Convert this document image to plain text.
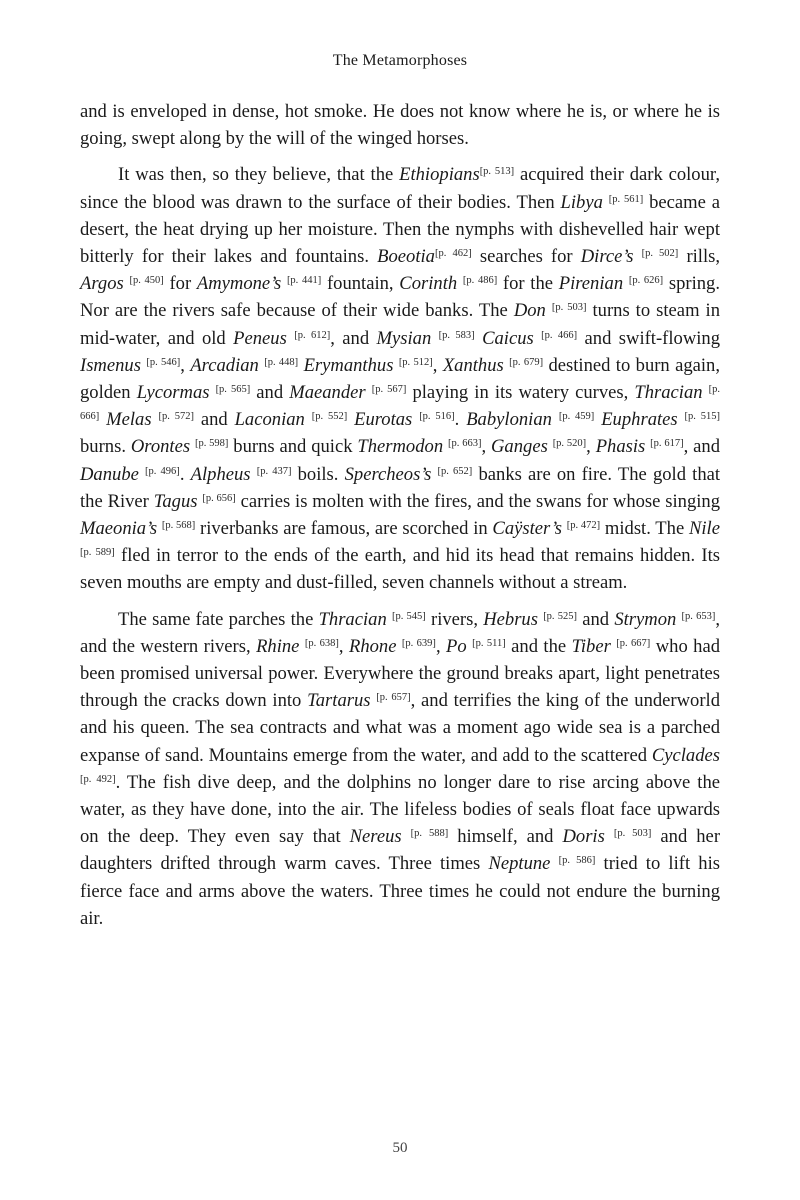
The Metamorphoses

and is enveloped in dense, hot smoke. He does not know where he is, or where he is going, swept along by the will of the winged horses.

It was then, so they believe, that the Ethiopians[p. 513] acquired their dark colour, since the blood was drawn to the surface of their bodies. Then Libya [p. 561] became a desert, the heat drying up her moisture. Then the nymphs with dishevelled hair wept bitterly for their lakes and fountains. Boeotia[p. 462] searches for Dirce’s [p. 502] rills, Argos [p. 450] for Amymone’s [p. 441] fountain, Corinth [p. 486] for the Pirenian [p. 626] spring. Nor are the rivers safe because of their wide banks. The Don [p. 503] turns to steam in mid-water, and old Peneus [p. 612], and Mysian [p. 583] Caicus [p. 466] and swift-flowing Ismenus [p. 546], Arcadian [p. 448] Erymanthus [p. 512], Xanthus [p. 679] destined to burn again, golden Lycormas [p. 565] and Maeander [p. 567] playing in its watery curves, Thracian [p. 666] Melas [p. 572] and Laconian [p. 552] Eurotas [p. 516]. Babylonian [p. 459] Euphrates [p. 515] burns. Orontes [p. 598] burns and quick Thermodon [p. 663], Ganges [p. 520], Phasis [p. 617], and Danube [p. 496]. Alpheus [p. 437] boils. Spercheos’s [p. 652] banks are on fire. The gold that the River Tagus [p. 656] carries is molten with the fires, and the swans for whose singing Maeonia’s [p. 568] riverbanks are famous, are scorched in Caÿster’s [p. 472] midst. The Nile [p. 589] fled in terror to the ends of the earth, and hid its head that remains hidden. Its seven mouths are empty and dust-filled, seven channels without a stream.

The same fate parches the Thracian [p. 545] rivers, Hebrus [p. 525] and Strymon [p. 653], and the western rivers, Rhine [p. 638], Rhone [p. 639], Po [p. 511] and the Tiber [p. 667] who had been promised universal power. Everywhere the ground breaks apart, light penetrates through the cracks down into Tartarus [p. 657], and terrifies the king of the underworld and his queen. The sea contracts and what was a moment ago wide sea is a parched expanse of sand. Mountains emerge from the water, and add to the scattered Cyclades [p. 492]. The fish dive deep, and the dolphins no longer dare to rise arcing above the water, as they have done, into the air. The lifeless bodies of seals float face upwards on the deep. They even say that Nereus [p. 588] himself, and Doris [p. 503] and her daughters drifted through warm caves. Three times Neptune [p. 586] tried to lift his fierce face and arms above the waters. Three times he could not endure the burning air.

50
